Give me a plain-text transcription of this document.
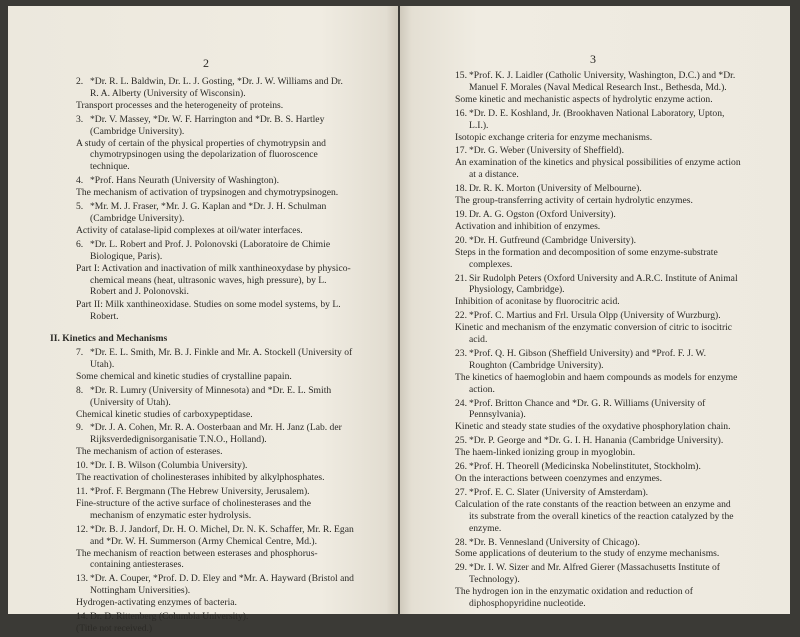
2
2. *Dr. R. L. Baldwin, Dr. L. J. Gosting, *Dr. J. W. Williams and Dr. R. A. Alberty (University of Wisconsin).
Transport processes and the heterogeneity of proteins.
3. *Dr. V. Massey, *Dr. W. F. Harrington and *Dr. B. S. Hartley (Cambridge University).
A study of certain of the physical properties of chymotrypsin and chymotrypsinogen using the depolarization of fluoroscence technique.
4. *Prof. Hans Neurath (University of Washington).
The mechanism of activation of trypsinogen and chymotrypsinogen.
5. *Mr. M. J. Fraser, *Mr. J. G. Kaplan and *Dr. J. H. Schulman (Cambridge University).
Activity of catalase-lipid complexes at oil/water interfaces.
6. *Dr. L. Robert and Prof. J. Polonovski (Laboratoire de Chimie Biologique, Paris).
Part I: Activation and inactivation of milk xanthineoxydase by physico-chemical means (heat, ultrasonic waves, high pressure), by L. Robert and J. Polonovski.
Part II: Milk xanthineoxidase. Studies on some model systems, by L. Robert.
II. Kinetics and Mechanisms
7. *Dr. E. L. Smith, Mr. B. J. Finkle and Mr. A. Stockell (University of Utah).
Some chemical and kinetic studies of crystalline papain.
8. *Dr. R. Lumry (University of Minnesota) and *Dr. E. L. Smith (University of Utah).
Chemical kinetic studies of carboxypeptidase.
9. *Dr. J. A. Cohen, Mr. R. A. Oosterbaan and Mr. H. Janz (Lab. der Rijksverdedignisorganisatie T.N.O., Holland).
The mechanism of action of esterases.
10. *Dr. I. B. Wilson (Columbia University).
The reactivation of cholinesterases inhibited by alkylphosphates.
11. *Prof. F. Bergmann (The Hebrew University, Jerusalem).
Fine-structure of the active surface of cholinesterases and the mechanism of enzymatic ester hydrolysis.
12. *Dr. B. J. Jandorf, Dr. H. O. Michel, Dr. N. K. Schaffer, Mr. R. Egan and *Dr. W. H. Summerson (Army Chemical Centre, Md.).
The mechanism of reaction between esterases and phosphorus-containing antiesterases.
13. *Dr. A. Couper, *Prof. D. D. Eley and *Mr. A. Hayward (Bristol and Nottingham Universities).
Hydrogen-activating enzymes of bacteria.
14. Dr. D. Rittenberg (Columbia University).
(Title not received.)
3
15. *Prof. K. J. Laidler (Catholic University, Washington, D.C.) and *Dr. Manuel F. Morales (Naval Medical Research Inst., Bethesda, Md.).
Some kinetic and mechanistic aspects of hydrolytic enzyme action.
16. *Dr. D. E. Koshland, Jr. (Brookhaven National Laboratory, Upton, L.I.).
Isotopic exchange criteria for enzyme mechanisms.
17. *Dr. G. Weber (University of Sheffield).
An examination of the kinetics and physical possibilities of enzyme action at a distance.
18. Dr. R. K. Morton (University of Melbourne).
The group-transferring activity of certain hydrolytic enzymes.
19. Dr. A. G. Ogston (Oxford University).
Activation and inhibition of enzymes.
20. *Dr. H. Gutfreund (Cambridge University).
Steps in the formation and decomposition of some enzyme-substrate complexes.
21. Sir Rudolph Peters (Oxford University and A.R.C. Institute of Animal Physiology, Cambridge).
Inhibition of aconitase by fluorocitric acid.
22. *Prof. C. Martius and Frl. Ursula Olpp (University of Wurzburg).
Kinetic and mechanism of the enzymatic conversion of citric to isocitric acid.
23. *Prof. Q. H. Gibson (Sheffield University) and *Prof. F. J. W. Roughton (Cambridge University).
The kinetics of haemoglobin and haem compounds as models for enzyme action.
24. *Prof. Britton Chance and *Dr. G. R. Williams (University of Pennsylvania).
Kinetic and steady state studies of the oxydative phosphorylation chain.
25. *Dr. P. George and *Dr. G. I. H. Hanania (Cambridge University).
The haem-linked ionizing group in myoglobin.
26. *Prof. H. Theorell (Medicinska Nobelinstitutet, Stockholm).
On the interactions between coenzymes and enzymes.
27. *Prof. E. C. Slater (University of Amsterdam).
Calculation of the rate constants of the reaction between an enzyme and its substrate from the overall kinetics of the reaction catalyzed by the enzyme.
28. *Dr. B. Vennesland (University of Chicago).
Some applications of deuterium to the study of enzyme mechanisms.
29. *Dr. I. W. Sizer and Mr. Alfred Gierer (Massachusetts Institute of Technology).
The hydrogen ion in the enzymatic oxidation and reduction of diphosphopyridine nucleotide.
